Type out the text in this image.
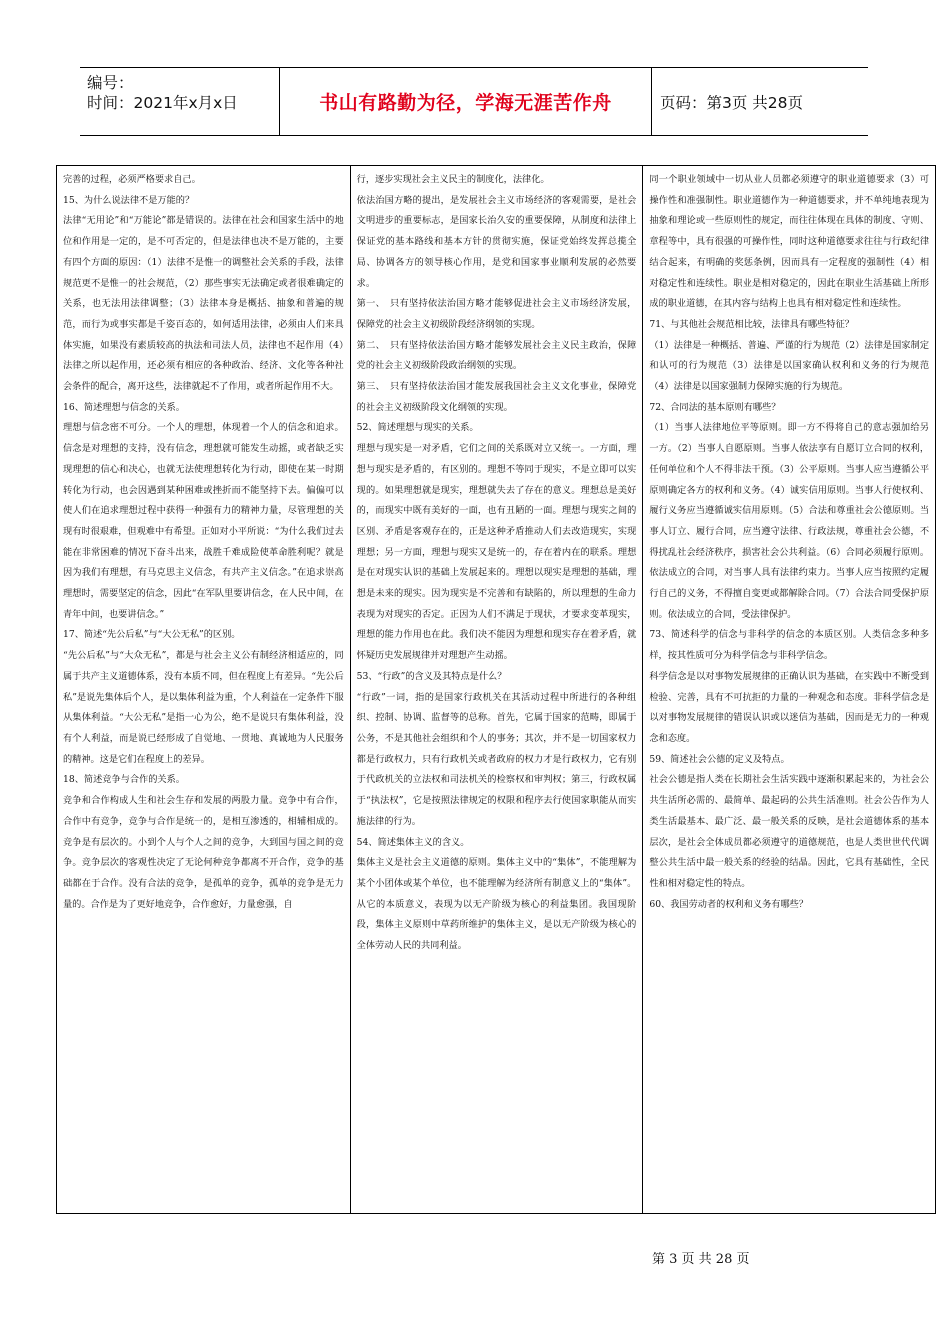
编号：
时间：2021年x月x日	书山有路勤为径，学海无涯苦作舟	页码：第3页 共28页

完善的过程，必须严格要求自己。

15、为什么说法律不是万能的？

法律“无用论”和“万能论”都是错误的。法律在社会和国家生活中的地位和作用是一定的，是不可否定的，但是法律也决不是万能的，主要有四个方面的原因：（1）法律不是惟一的调整社会关系的手段，法律规范更不是惟一的社会规范，（2）那些事实无法确定或者很难确定的关系，也无法用法律调整；（3）法律本身是概括、抽象和普遍的规范，而行为或事实都是千姿百态的，如何适用法律，必须由人们来具体实施，如果没有素质较高的执法和司法人员，法律也不起作用（4）法律之所以起作用，还必须有相应的各种政治、经济、文化等各种社会条件的配合，离开这些，法律就起不了作用，或者所起作用不大。

16、简述理想与信念的关系。

理想与信念密不可分。一个人的理想，体现着一个人的信念和追求。信念是对理想的支持，没有信念，理想就可能发生动摇，或者缺乏实现理想的信心和决心，也就无法使理想转化为行动，即使在某一时期转化为行动，也会因遇到某种困难或挫折而不能坚持下去。偏偏可以使人们在追求理想过程中获得一种强有力的精神力量，尽管理想的关现有时很艰难，但观难中有希望。正如对小平所说：“为什么我们过去能在非常困难的情况下奋斗出来，战胜千难成险使革命胜利呢？就是因为我们有理想，有马克思主义信念，有共产主义信念。”在追求崇高理想时，需要坚定的信念，因此“在军队里要讲信念，在人民中间，在青年中间，也要讲信念。”

17、简述“先公后私”与“大公无私”的区别。

“先公后私”与“大众无私”，都是与社会主义公有制经济相适应的，同属于共产主义道德体系，没有本质不同，但在程度上有差异。“先公后私”是说先集体后个人，是以集体利益为重，个人利益在一定条件下服从集体利益。“大公无私”是指一心为公，绝不是说只有集体利益，没有个人利益，而是说已经形成了自觉地、一贯地、真诚地为人民服务的精神。这是它们在程度上的差异。

18、简述竞争与合作的关系。

竞争和合作构成人生和社会生存和发展的两股力量。竞争中有合作，合作中有竞争，竞争与合作是统一的，是相互渗透的，相辅相成的。竞争是有层次的。小到个人与个人之间的竞争，大到国与国之间的竞争。竞争层次的客观性决定了无论何种竞争都离不开合作，竞争的基础都在于合作。没有合法的竞争，是孤单的竞争，孤单的竞争是无力量的。合作是为了更好地竞争，合作愈好，力量愈强，自

行，逐步实现社会主义民主的制度化，法律化。

依法治国方略的提出，是发展社会主义市场经济的客观需要，是社会文明进步的重要标志，是国家长治久安的重要保障，从制度和法律上保证党的基本路线和基本方针的贯彻实施，保证党始终发挥总揽全局、协调各方的领导核心作用，是党和国家事业顺利发展的必然要求。

第一、　只有坚持依法治国方略才能够促进社会主义市场经济发展，保障党的社会主义初级阶段经济纲领的实现。

第二、　只有坚持依法治国方略才能够发展社会主义民主政治，保障党的社会主义初级阶段政治纲领的实现。

第三、　只有坚持依法治国才能发展我国社会主义文化事业，保障党的社会主义初级阶段文化纲领的实现。

52、简述理想与现实的关系。

理想与现实是一对矛盾，它们之间的关系既对立又统一。一方面，理想与现实是矛盾的，有区别的。理想不等同于现实，不是立即可以实现的。如果理想就是现实，理想就失去了存在的意义。理想总是美好的，而现实中既有美好的一面，也有丑陋的一面。理想与现实之间的区别、矛盾是客观存在的，正是这种矛盾推动人们去改造现实，实现理想；另一方面，理想与现实又是统一的，存在着内在的联系。理想是在对现实认识的基础上发展起来的。理想以现实是理想的基础，理想是未来的现实。因为现实是不完善和有缺陷的，所以理想的生命力表现为对现实的否定。正因为人们不满足于现状，才要求变革现实，理想的能力作用也在此。我们决不能因为理想和现实存在着矛盾，就怀疑历史发展规律并对理想产生动摇。

53、“行政”的含义及其特点是什么？

“行政”一词，指的是国家行政机关在其活动过程中所进行的各种组织、控制、协调、监督等的总称。首先，它属于国家的范畴，即属于公务，不是其他社会组织和个人的事务；其次，并不是一切国家权力都是行政权力，只有行政机关或者政府的权力才是行政权力，它有别于代政机关的立法权和司法机关的检察权和审判权；第三，行政权属于“执法权”，它是按照法律规定的权限和程序去行使国家职能从而实施法律的行为。

54、简述集体主义的含义。

集体主义是社会主义道德的原则。集体主义中的“集体”，不能理解为某个小团体或某个单位，也不能理解为经济所有制意义上的“集体”。从它的本质意义，表现为以无产阶级为核心的利益集团。我国现阶段，集体主义原则中草药所维护的集体主义，是以无产阶级为核心的全体劳动人民的共同利益。

同一个职业领域中一切从业人员都必须遵守的职业道德要求（3）可操作性和准强制性。职业道德作为一种道德要求，并不单纯地表现为抽象和理论或一些原则性的规定，而往往体现在具体的制度、守则、章程等中，具有很强的可操作性，同时这种道德要求往往与行政纪律结合起来，有明确的奖惩条例，因而具有一定程度的强制性（4）相对稳定性和连续性。职业是相对稳定的，因此在职业生活基础上所形成的职业道德，在其内容与结构上也具有相对稳定性和连续性。

71、与其他社会规范相比较，法律具有哪些特征？

（1）法律是一种概括、普遍、严谨的行为规范（2）法律是国家制定和认可的行为规范（3）法律是以国家确认权利和义务的行为规范（4）法律是以国家强制力保障实施的行为规范。

72、合同法的基本原则有哪些？

（1）当事人法律地位平等原则。即一方不得将自己的意志强加给另一方。（2）当事人自愿原则。当事人依法享有自愿订立合同的权利，任何单位和个人不得非法干预。（3）公平原则。当事人应当遵循公平原则确定各方的权利和义务。（4）诚实信用原则。当事人行使权利、履行义务应当遵循诚实信用原则。（5）合法和尊重社会公德原则。当事人订立、履行合同，应当遵守法律、行政法规，尊重社会公德，不得扰乱社会经济秩序，损害社会公共利益。（6）合同必须履行原则。依法成立的合同，对当事人具有法律约束力。当事人应当按照约定履行自己的义务，不得擅自变更或都解除合同。（7）合法合同受保护原则。依法成立的合同，受法律保护。

73、简述科学的信念与非科学的信念的本质区别。人类信念多种多样，按其性质可分为科学信念与非科学信念。

科学信念是以对事物发展规律的正确认识为基础，在实践中不断受到检验、完善，具有不可抗拒的力量的一种观念和态度。非科学信念是以对事物发展规律的错误认识或以迷信为基础，因而是无力的一种观念和态度。

59、简述社会公德的定义及特点。

社会公德是指人类在长期社会生活实践中逐渐积累起来的，为社会公共生活所必需的、最简单、最起码的公共生活准则。社会公告作为人类生活最基本、最广泛、最一般关系的反映，是社会道德体系的基本层次，是社会全体成员都必须遵守的道德规范，也是人类世世代代调整公共生活中最一般关系的经验的结晶。因此，它具有基础性，全民性和相对稳定性的特点。

60、我国劳动者的权利和义务有哪些？

第 3 页 共 28 页
